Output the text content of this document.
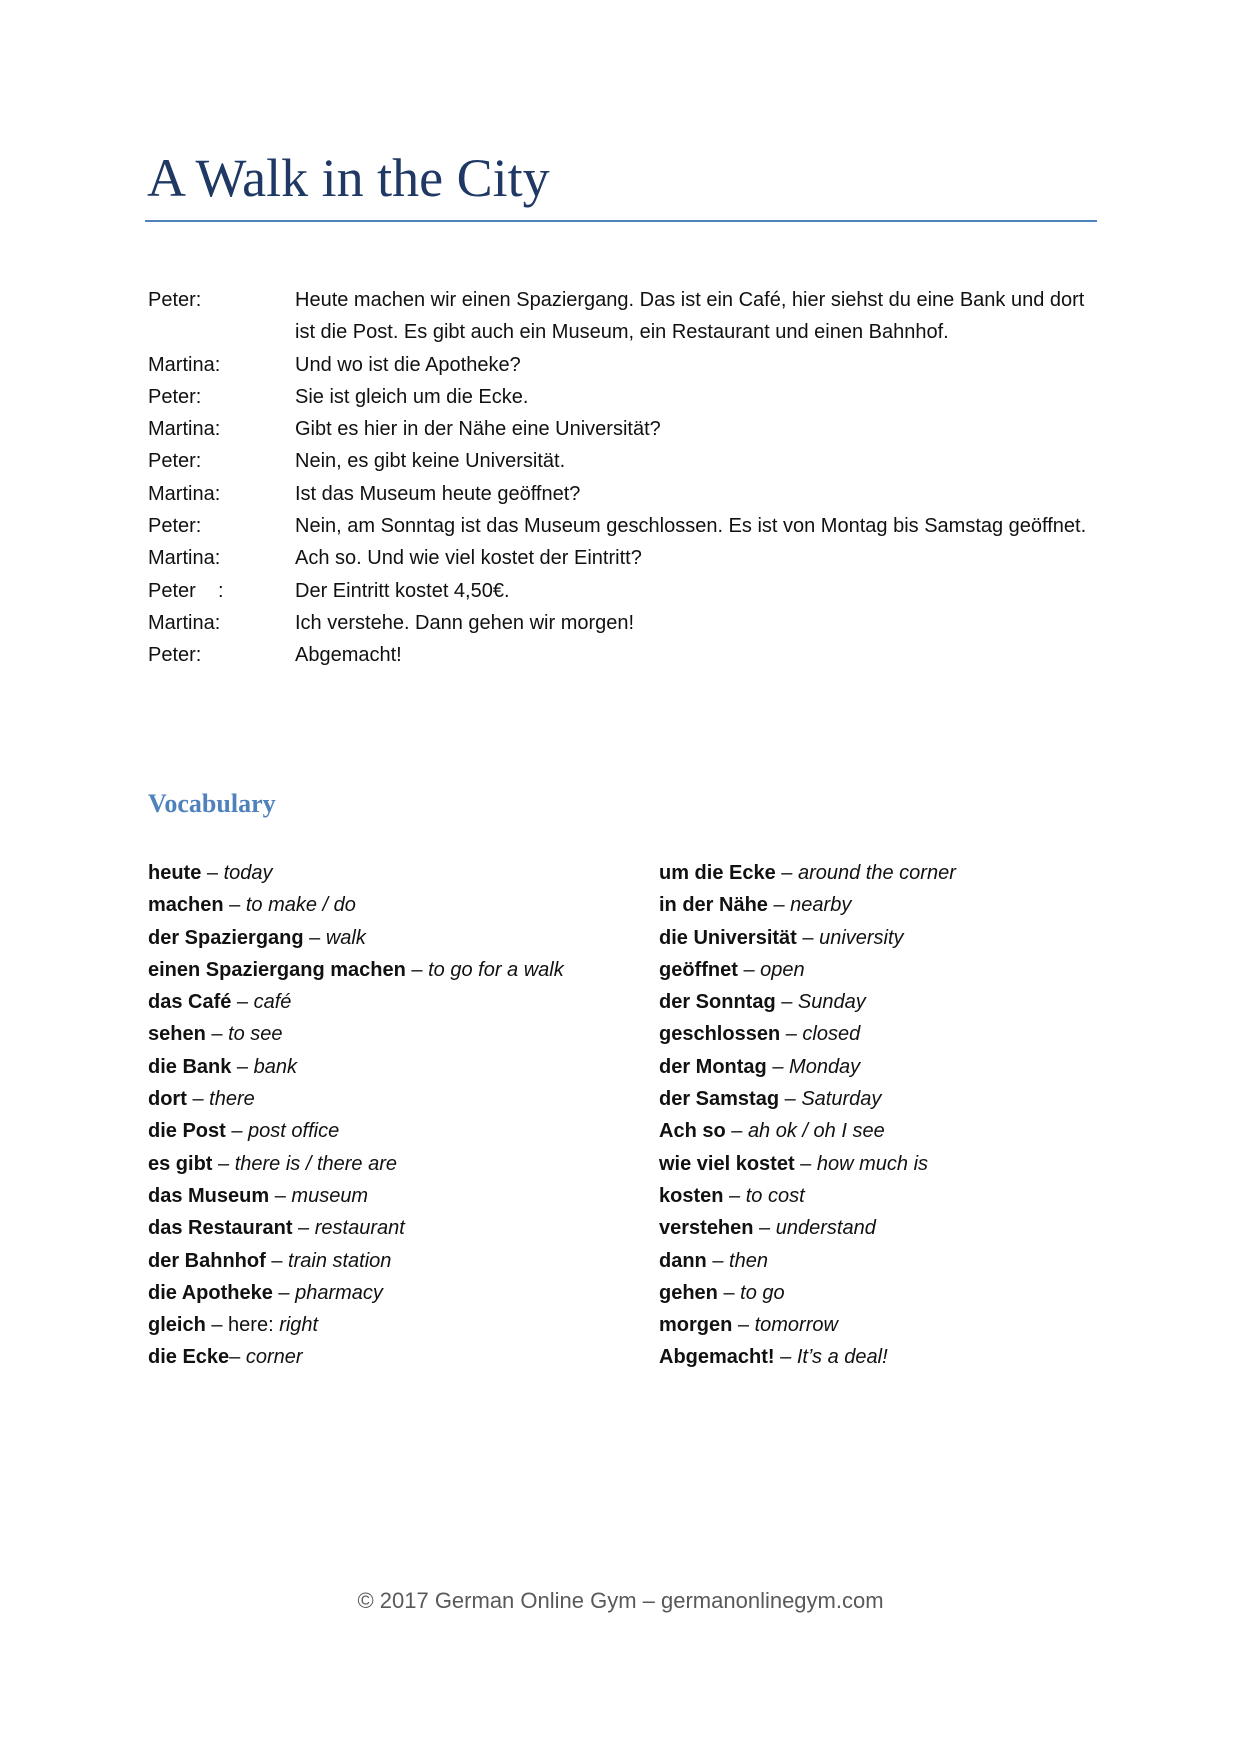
A Walk in the City
Peter:	Heute machen wir einen Spaziergang. Das ist ein Café, hier siehst du eine Bank und dort ist die Post. Es gibt auch ein Museum, ein Restaurant und einen Bahnhof.
Martina:	Und wo ist die Apotheke?
Peter:	Sie ist gleich um die Ecke.
Martina:	Gibt es hier in der Nähe eine Universität?
Peter:	Nein, es gibt keine Universität.
Martina:	Ist das Museum heute geöffnet?
Peter:	Nein, am Sonntag ist das Museum geschlossen. Es ist von Montag bis Samstag geöffnet.
Martina:	Ach so. Und wie viel kostet der Eintritt?
Peter    :	Der Eintritt kostet 4,50€.
Martina:	Ich verstehe. Dann gehen wir morgen!
Peter:	Abgemacht!
Vocabulary
heute – today
machen – to make / do
der Spaziergang – walk
einen Spaziergang machen – to go for a walk
das Café – café
sehen – to see
die Bank – bank
dort – there
die Post – post office
es gibt – there is / there are
das Museum – museum
das Restaurant – restaurant
der Bahnhof – train station
die Apotheke – pharmacy
gleich – here: right
die Ecke– corner
um die Ecke – around the corner
in der Nähe – nearby
die Universität – university
geöffnet – open
der Sonntag – Sunday
geschlossen – closed
der Montag – Monday
der Samstag – Saturday
Ach so – ah ok / oh I see
wie viel kostet – how much is
kosten – to cost
verstehen – understand
dann – then
gehen – to go
morgen – tomorrow
Abgemacht! – It’s a deal!
© 2017 German Online Gym – germanonlinegym.com
